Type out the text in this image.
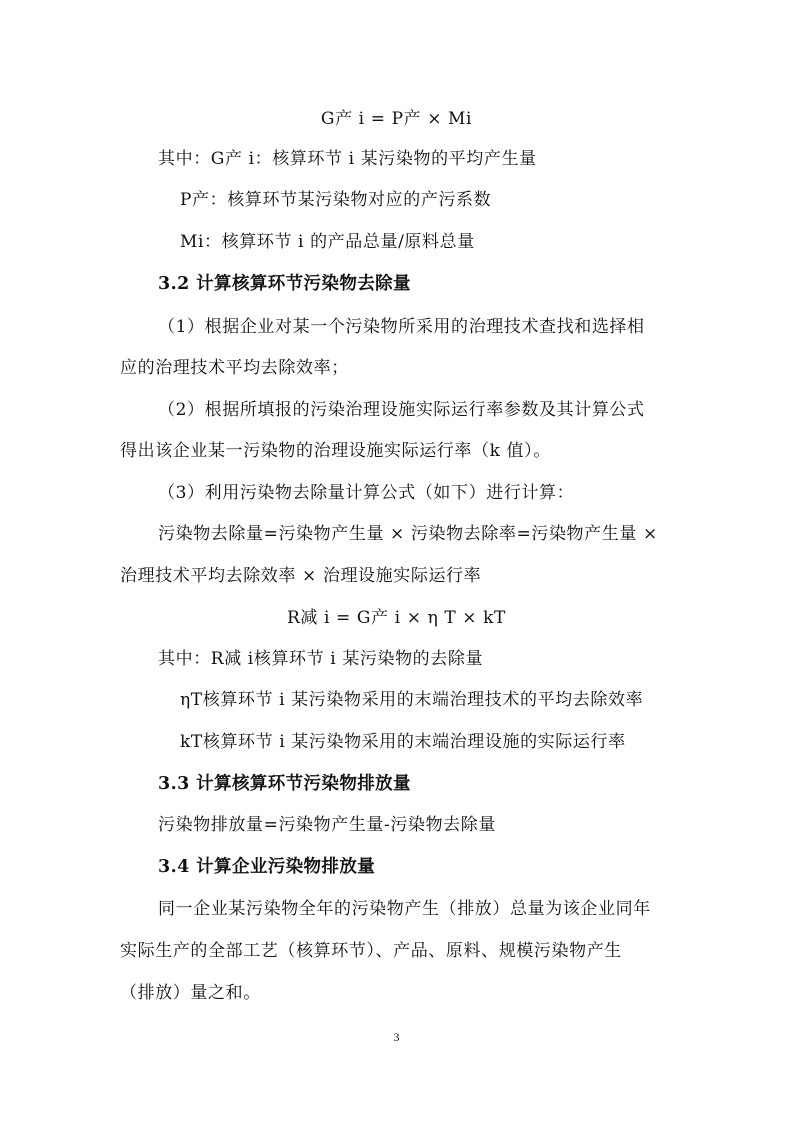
G产 i = P产 × Mi
其中：G产 i：核算环节 i 某污染物的平均产生量
P产：核算环节某污染物对应的产污系数
Mi：核算环节 i 的产品总量/原料总量
3.2 计算核算环节污染物去除量
（1）根据企业对某一个污染物所采用的治理技术查找和选择相
应的治理技术平均去除效率；
（2）根据所填报的污染治理设施实际运行率参数及其计算公式
得出该企业某一污染物的治理设施实际运行率（k 值）。
（3）利用污染物去除量计算公式（如下）进行计算：
污染物去除量=污染物产生量 × 污染物去除率=污染物产生量 ×
治理技术平均去除效率 × 治理设施实际运行率
R减 i = G产 i × η T × kT
其中：R减 i核算环节 i 某污染物的去除量
ηT核算环节 i 某污染物采用的末端治理技术的平均去除效率
kT核算环节 i 某污染物采用的末端治理设施的实际运行率
3.3 计算核算环节污染物排放量
污染物排放量=污染物产生量-污染物去除量
3.4 计算企业污染物排放量
同一企业某污染物全年的污染物产生（排放）总量为该企业同年
实际生产的全部工艺（核算环节）、产品、原料、规模污染物产生
（排放）量之和。
3
